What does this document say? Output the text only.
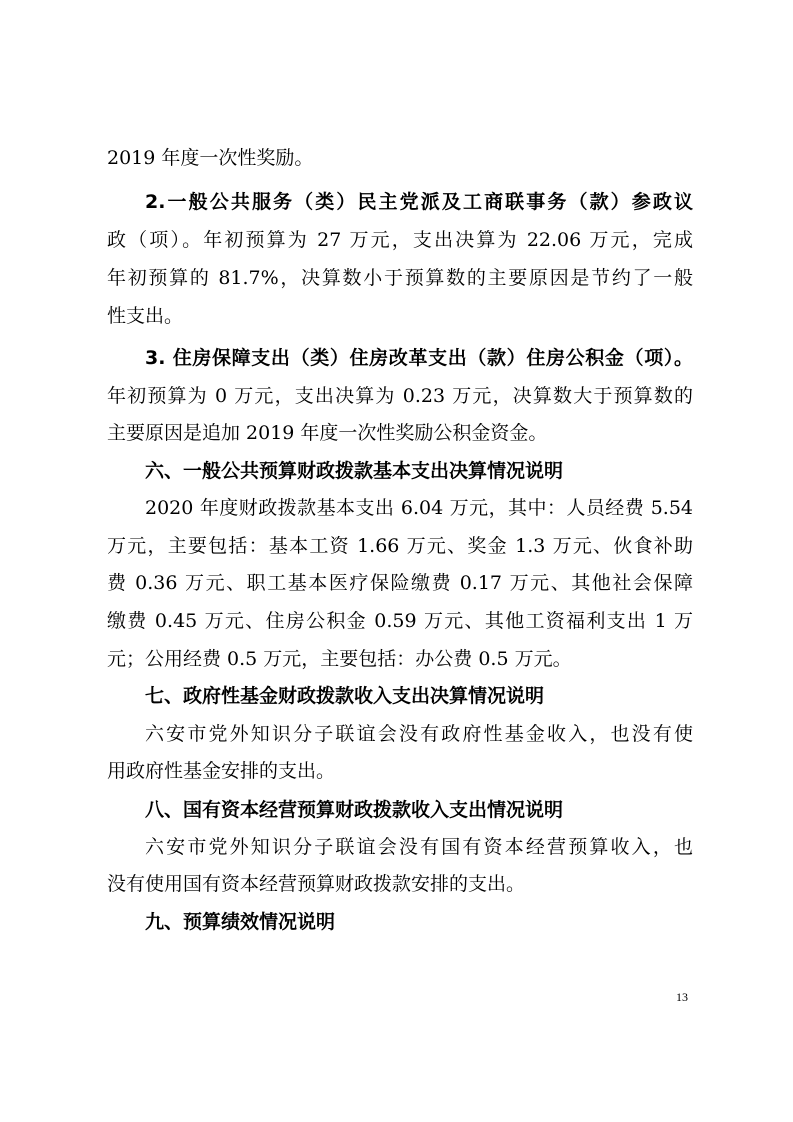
2019 年度一次性奖励。
2.一般公共服务（类）民主党派及工商联事务（款）参政议
政（项）。年初预算为 27 万元，支出决算为 22.06 万元，完成
年初预算的 81.7%，决算数小于预算数的主要原因是节约了一般
性支出。
3. 住房保障支出（类）住房改革支出（款）住房公积金（项）。
年初预算为 0 万元，支出决算为 0.23 万元，决算数大于预算数的
主要原因是追加 2019 年度一次性奖励公积金资金。
六、一般公共预算财政拨款基本支出决算情况说明
2020 年度财政拨款基本支出 6.04 万元，其中：人员经费 5.54
万元，主要包括：基本工资 1.66 万元、奖金 1.3 万元、伙食补助
费 0.36 万元、职工基本医疗保险缴费 0.17 万元、其他社会保障
缴费 0.45 万元、住房公积金 0.59 万元、其他工资福利支出 1 万
元；公用经费 0.5 万元，主要包括：办公费 0.5 万元。
七、政府性基金财政拨款收入支出决算情况说明
六安市党外知识分子联谊会没有政府性基金收入，也没有使
用政府性基金安排的支出。
八、国有资本经营预算财政拨款收入支出情况说明
六安市党外知识分子联谊会没有国有资本经营预算收入，也
没有使用国有资本经营预算财政拨款安排的支出。
九、预算绩效情况说明
13
